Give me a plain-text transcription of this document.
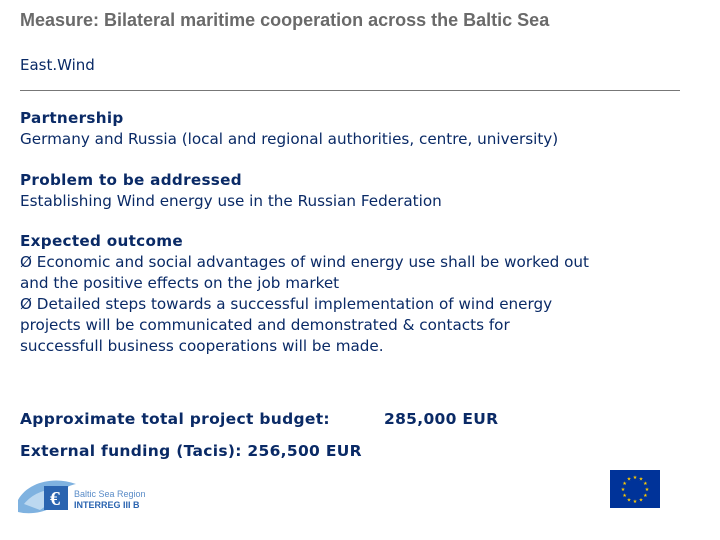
Measure: Bilateral maritime cooperation across the Baltic Sea
East.Wind
Partnership
Germany and Russia (local and regional authorities, centre, university)
Problem to be addressed
Establishing Wind energy use in the Russian Federation
Expected outcome
Ø Economic and social advantages of wind energy use shall be worked out
and the positive effects on the job market
Ø Detailed steps towards a successful implementation of wind energy
projects will be communicated and demonstrated & contacts for
successfull business cooperations will be made.
Approximate total project budget:	285,000 EUR
External funding (Tacis): 256,500 EUR
€ Baltic Sea Region
INTERREG III B
★ ★
★
★
★
★
★
★
★
★
★
★
